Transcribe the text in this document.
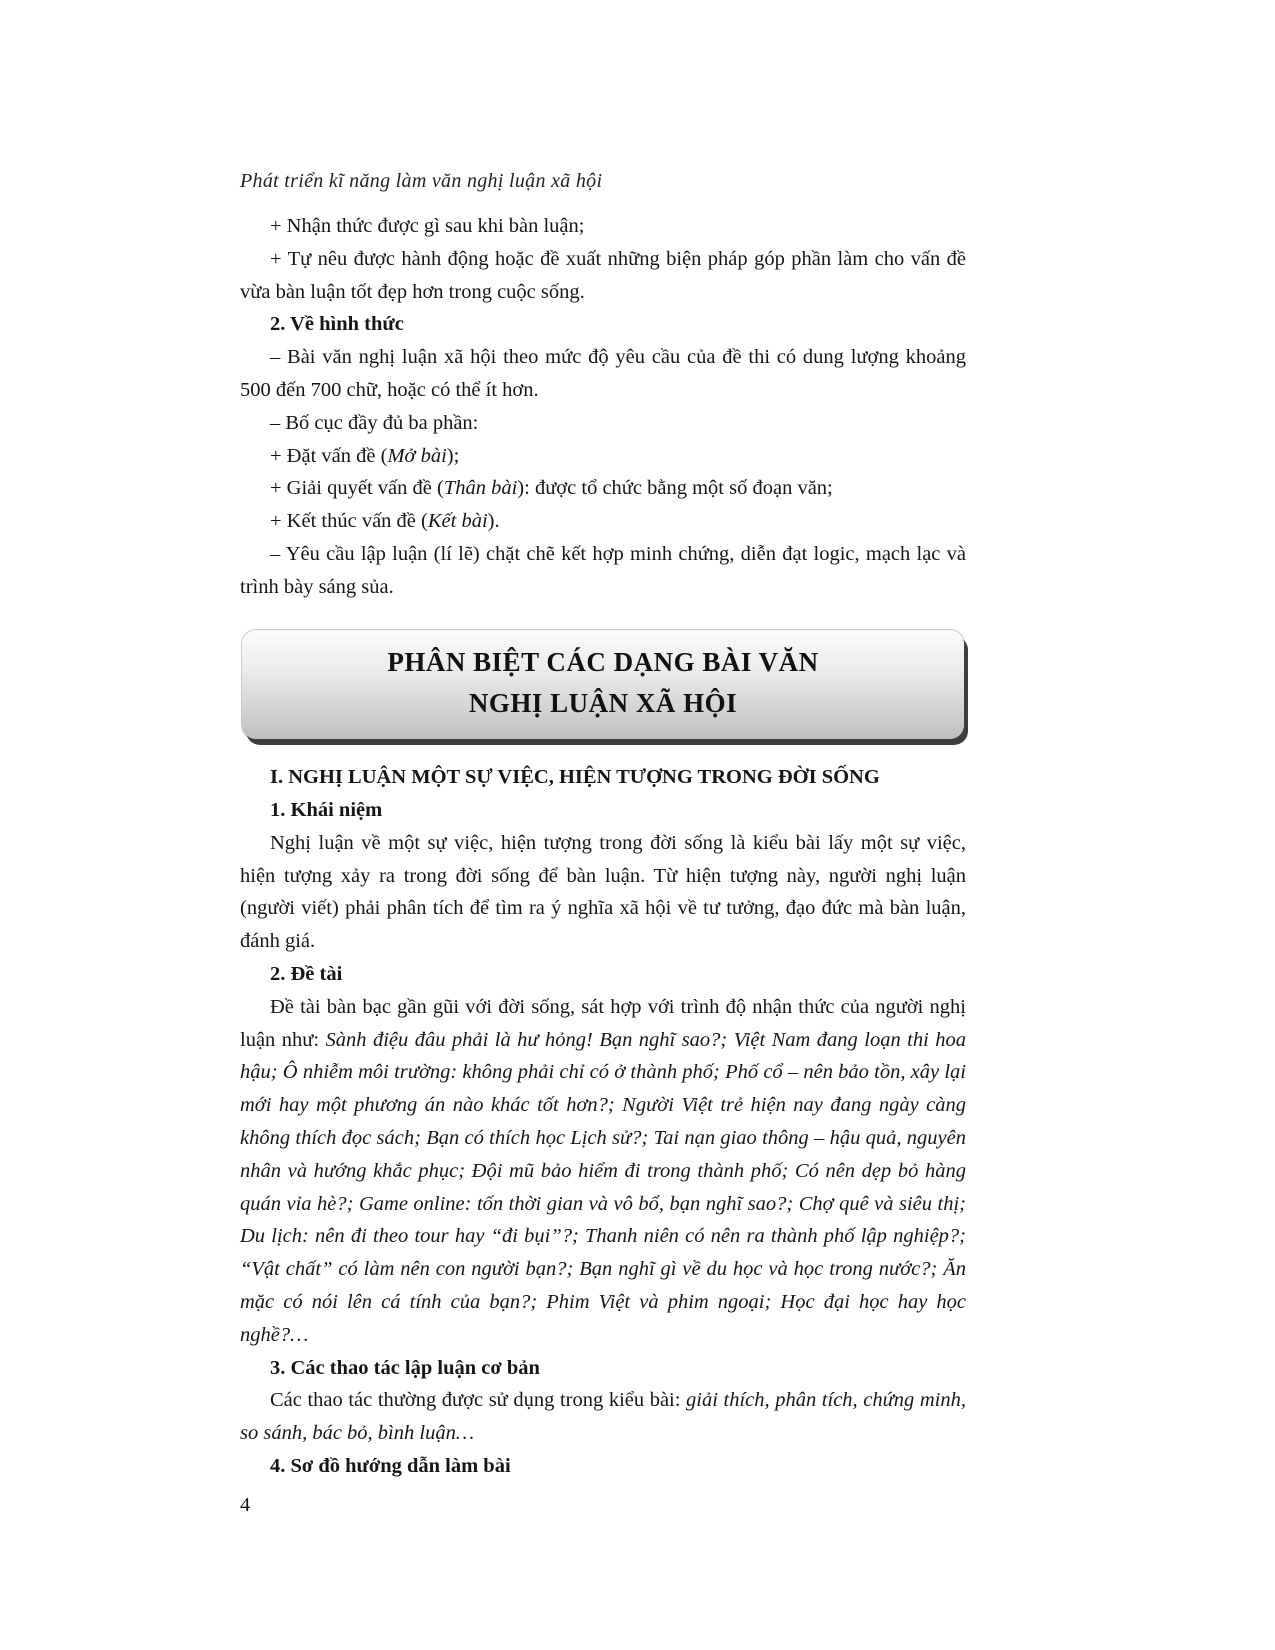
Phát triển kĩ năng làm văn nghị luận xã hội

+ Nhận thức được gì sau khi bàn luận;

+ Tự nêu được hành động hoặc đề xuất những biện pháp góp phần làm cho vấn đề vừa bàn luận tốt đẹp hơn trong cuộc sống.

2. Về hình thức

– Bài văn nghị luận xã hội theo mức độ yêu cầu của đề thi có dung lượng khoảng 500 đến 700 chữ, hoặc có thể ít hơn.

– Bố cục đầy đủ ba phần:

+ Đặt vấn đề (Mở bài);

+ Giải quyết vấn đề (Thân bài): được tổ chức bằng một số đoạn văn;

+ Kết thúc vấn đề (Kết bài).

– Yêu cầu lập luận (lí lẽ) chặt chẽ kết hợp minh chứng, diễn đạt logic, mạch lạc và trình bày sáng sủa.

PHÂN BIỆT CÁC DẠNG BÀI VĂN
NGHỊ LUẬN XÃ HỘI

I. NGHỊ LUẬN MỘT SỰ VIỆC, HIỆN TƯỢNG TRONG ĐỜI SỐNG

1. Khái niệm

Nghị luận về một sự việc, hiện tượng trong đời sống là kiểu bài lấy một sự việc, hiện tượng xảy ra trong đời sống để bàn luận. Từ hiện tượng này, người nghị luận (người viết) phải phân tích để tìm ra ý nghĩa xã hội về tư tưởng, đạo đức mà bàn luận, đánh giá.

2. Đề tài

Đề tài bàn bạc gần gũi với đời sống, sát hợp với trình độ nhận thức của người nghị luận như: Sành điệu đâu phải là hư hỏng! Bạn nghĩ sao?; Việt Nam đang loạn thi hoa hậu; Ô nhiễm môi trường: không phải chỉ có ở thành phố; Phố cổ – nên bảo tồn, xây lại mới hay một phương án nào khác tốt hơn?; Người Việt trẻ hiện nay đang ngày càng không thích đọc sách; Bạn có thích học Lịch sử?; Tai nạn giao thông – hậu quả, nguyên nhân và hướng khắc phục; Đội mũ bảo hiểm đi trong thành phố; Có nên dẹp bỏ hàng quán vỉa hè?; Game online: tốn thời gian và vô bổ, bạn nghĩ sao?; Chợ quê và siêu thị; Du lịch: nên đi theo tour hay “đi bụi”?; Thanh niên có nên ra thành phố lập nghiệp?; “Vật chất” có làm nên con người bạn?; Bạn nghĩ gì về du học và học trong nước?; Ăn mặc có nói lên cá tính của bạn?; Phim Việt và phim ngoại; Học đại học hay học nghề?…

3. Các thao tác lập luận cơ bản

Các thao tác thường được sử dụng trong kiểu bài: giải thích, phân tích, chứng minh, so sánh, bác bỏ, bình luận…

4. Sơ đồ hướng dẫn làm bài

4
